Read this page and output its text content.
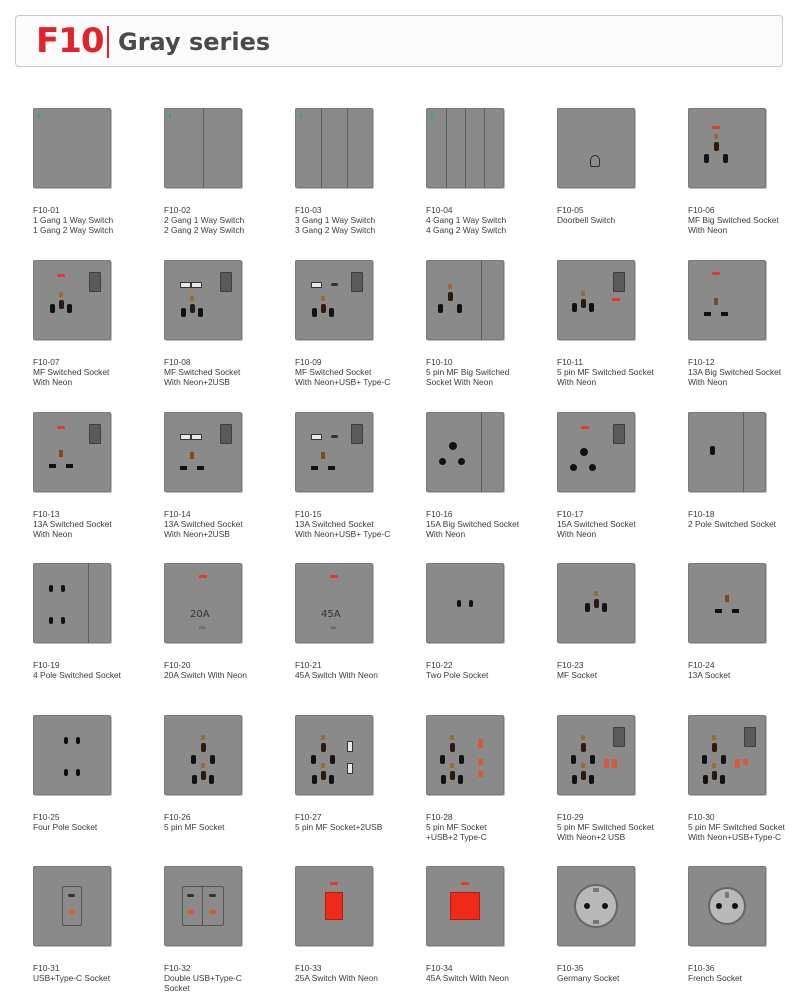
F10 Gray series
F10-01
1 Gang 1 Way Switch
1 Gang 2 Way Switch
F10-02
2 Gang 1 Way Switch
2 Gang 2 Way Switch
F10-03
3 Gang 1 Way Switch
3 Gang 2 Way Switch
F10-04
4 Gang 1 Way Switch
4 Gang 2 Way Switch
F10-05
Doorbell Switch
F10-06
MF Big Switched Socket
With Neon
F10-07
MF Switched Socket
With Neon
F10-08
MF Switched Socket
With Neon+2USB
F10-09
MF Switched Socket
With Neon+USB+ Type-C
F10-10
5 pin MF Big Switched
Socket With Neon
F10-11
5 pin MF Switched Socket
With Neon
F10-12
13A Big Switched Socket
With Neon
F10-13
13A Switched Socket
With Neon
F10-14
13A Switched Socket
With Neon+2USB
F10-15
13A Switched Socket
With Neon+USB+ Type-C
F10-16
15A Big Switched Socket
With Neon
F10-17
15A Switched Socket
With Neon
F10-18
2 Pole Switched Socket
F10-19
4 Pole Switched Socket
20A
ON
F10-20
20A Switch With Neon
45A
ON
F10-21
45A Switch With Neon
F10-22
Two Pole Socket
F10-23
MF Socket
F10-24
13A Socket
F10-25
Four Pole Socket
F10-26
5 pin MF Socket
F10-27
5 pin MF Socket+2USB
F10-28
5 pin MF Socket
+USB+2 Type-C
F10-29
5 pin MF Switched Socket
With Neon+2 USB
F10-30
5 pin MF Switched Socket
With Neon+USB+Type-C
F10-31
USB+Type-C Socket
F10-32
Double USB+Type-C
Socket
F10-33
25A Switch With Neon
F10-34
45A Switch With Neon
F10-35
Germany Socket
F10-36
French Socket
